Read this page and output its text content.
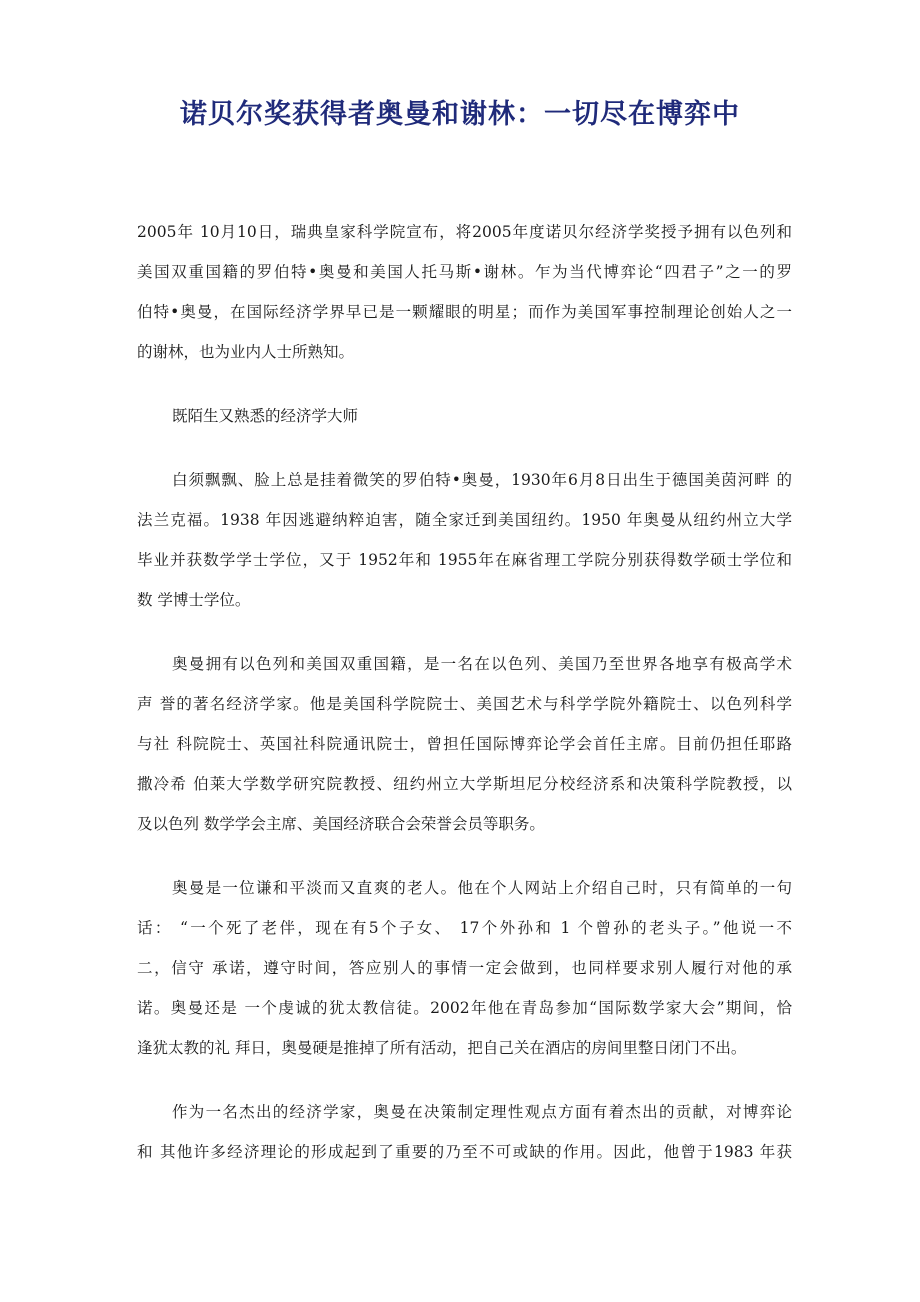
诺贝尔奖获得者奥曼和谢林：一切尽在博弈中

2005年 10月10日，瑞典皇家科学院宣布，将2005年度诺贝尔经济学奖授予拥有以色列和

美国双重国籍的罗伯特•奥曼和美国人托马斯•谢林。乍为当代博弈论“四君子”之一的罗

伯特•奥曼，在国际经济学界早已是一颗耀眼的明星；而作为美国军事控制理论创始人之一

的谢林，也为业内人士所熟知。

既陌生又熟悉的经济学大师

白须飘飘、脸上总是挂着微笑的罗伯特•奥曼，1930年6月8日出生于德国美茵河畔 的

法兰克福。1938 年因逃避纳粹迫害，随全家迁到美国纽约。1950 年奥曼从纽约州立大学

毕业并获数学学士学位，又于 1952年和 1955年在麻省理工学院分别获得数学硕士学位和

数 学博士学位。

奥曼拥有以色列和美国双重国籍，是一名在以色列、美国乃至世界各地享有极高学术

声 誉的著名经济学家。他是美国科学院院士、美国艺术与科学学院外籍院士、以色列科学

与社 科院院士、英国社科院通讯院士，曾担任国际博弈论学会首任主席。目前仍担任耶路

撒冷希 伯莱大学数学研究院教授、纽约州立大学斯坦尼分校经济系和决策科学院教授，以

及以色列 数学学会主席、美国经济联合会荣誉会员等职务。

奥曼是一位谦和平淡而又直爽的老人。他在个人网站上介绍自己时，只有简单的一句

话： “一个死了老伴，现在有5个子女、 17个外孙和 1 个曾孙的老头子。”他说一不

二，信守 承诺，遵守时间，答应别人的事情一定会做到，也同样要求别人履行对他的承

诺。奥曼还是 一个虔诚的犹太教信徒。2002年他在青岛参加“国际数学家大会”期间，恰

逢犹太教的礼 拜日，奥曼硬是推掉了所有活动，把自己关在酒店的房间里整日闭门不出。

作为一名杰出的经济学家，奥曼在决策制定理性观点方面有着杰出的贡献，对博弈论

和 其他许多经济理论的形成起到了重要的乃至不可或缺的作用。因此，他曾于1983 年获
